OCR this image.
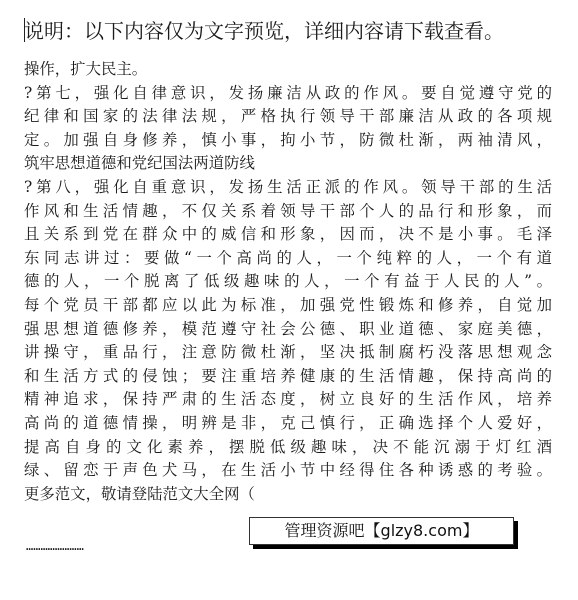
说明：以下内容仅为文字预览，详细内容请下载查看。
操作，扩大民主。
?第七，强化自律意识，发扬廉洁从政的作风。要自觉遵守党的
纪律和国家的法律法规，严格执行领导干部廉洁从政的各项规
定。加强自身修养，慎小事，拘小节，防微杜渐，两袖清风，
筑牢思想道德和党纪国法两道防线
?第八，强化自重意识，发扬生活正派的作风。领导干部的生活
作风和生活情趣，不仅关系着领导干部个人的品行和形象，而
且关系到党在群众中的威信和形象，因而，决不是小事。毛泽
东同志讲过：要做“一个高尚的人，一个纯粹的人，一个有道
德的人，一个脱离了低级趣味的人，一个有益于人民的人”。
每个党员干部都应以此为标准，加强党性锻炼和修养，自觉加
强思想道德修养，模范遵守社会公德、职业道德、家庭美德，
讲操守，重品行，注意防微杜渐，坚决抵制腐朽没落思想观念
和生活方式的侵蚀；要注重培养健康的生活情趣，保持高尚的
精神追求，保持严肃的生活态度，树立良好的生活作风，培养
高尚的道德情操，明辨是非，克己慎行，正确选择个人爱好，
提高自身的文化素养，摆脱低级趣味，决不能沉溺于灯红酒
绿、留恋于声色犬马，在生活小节中经得住各种诱惑的考验。
更多范文，敬请登陆范文大全网（
……………………
管理资源吧【glzy8.com】
